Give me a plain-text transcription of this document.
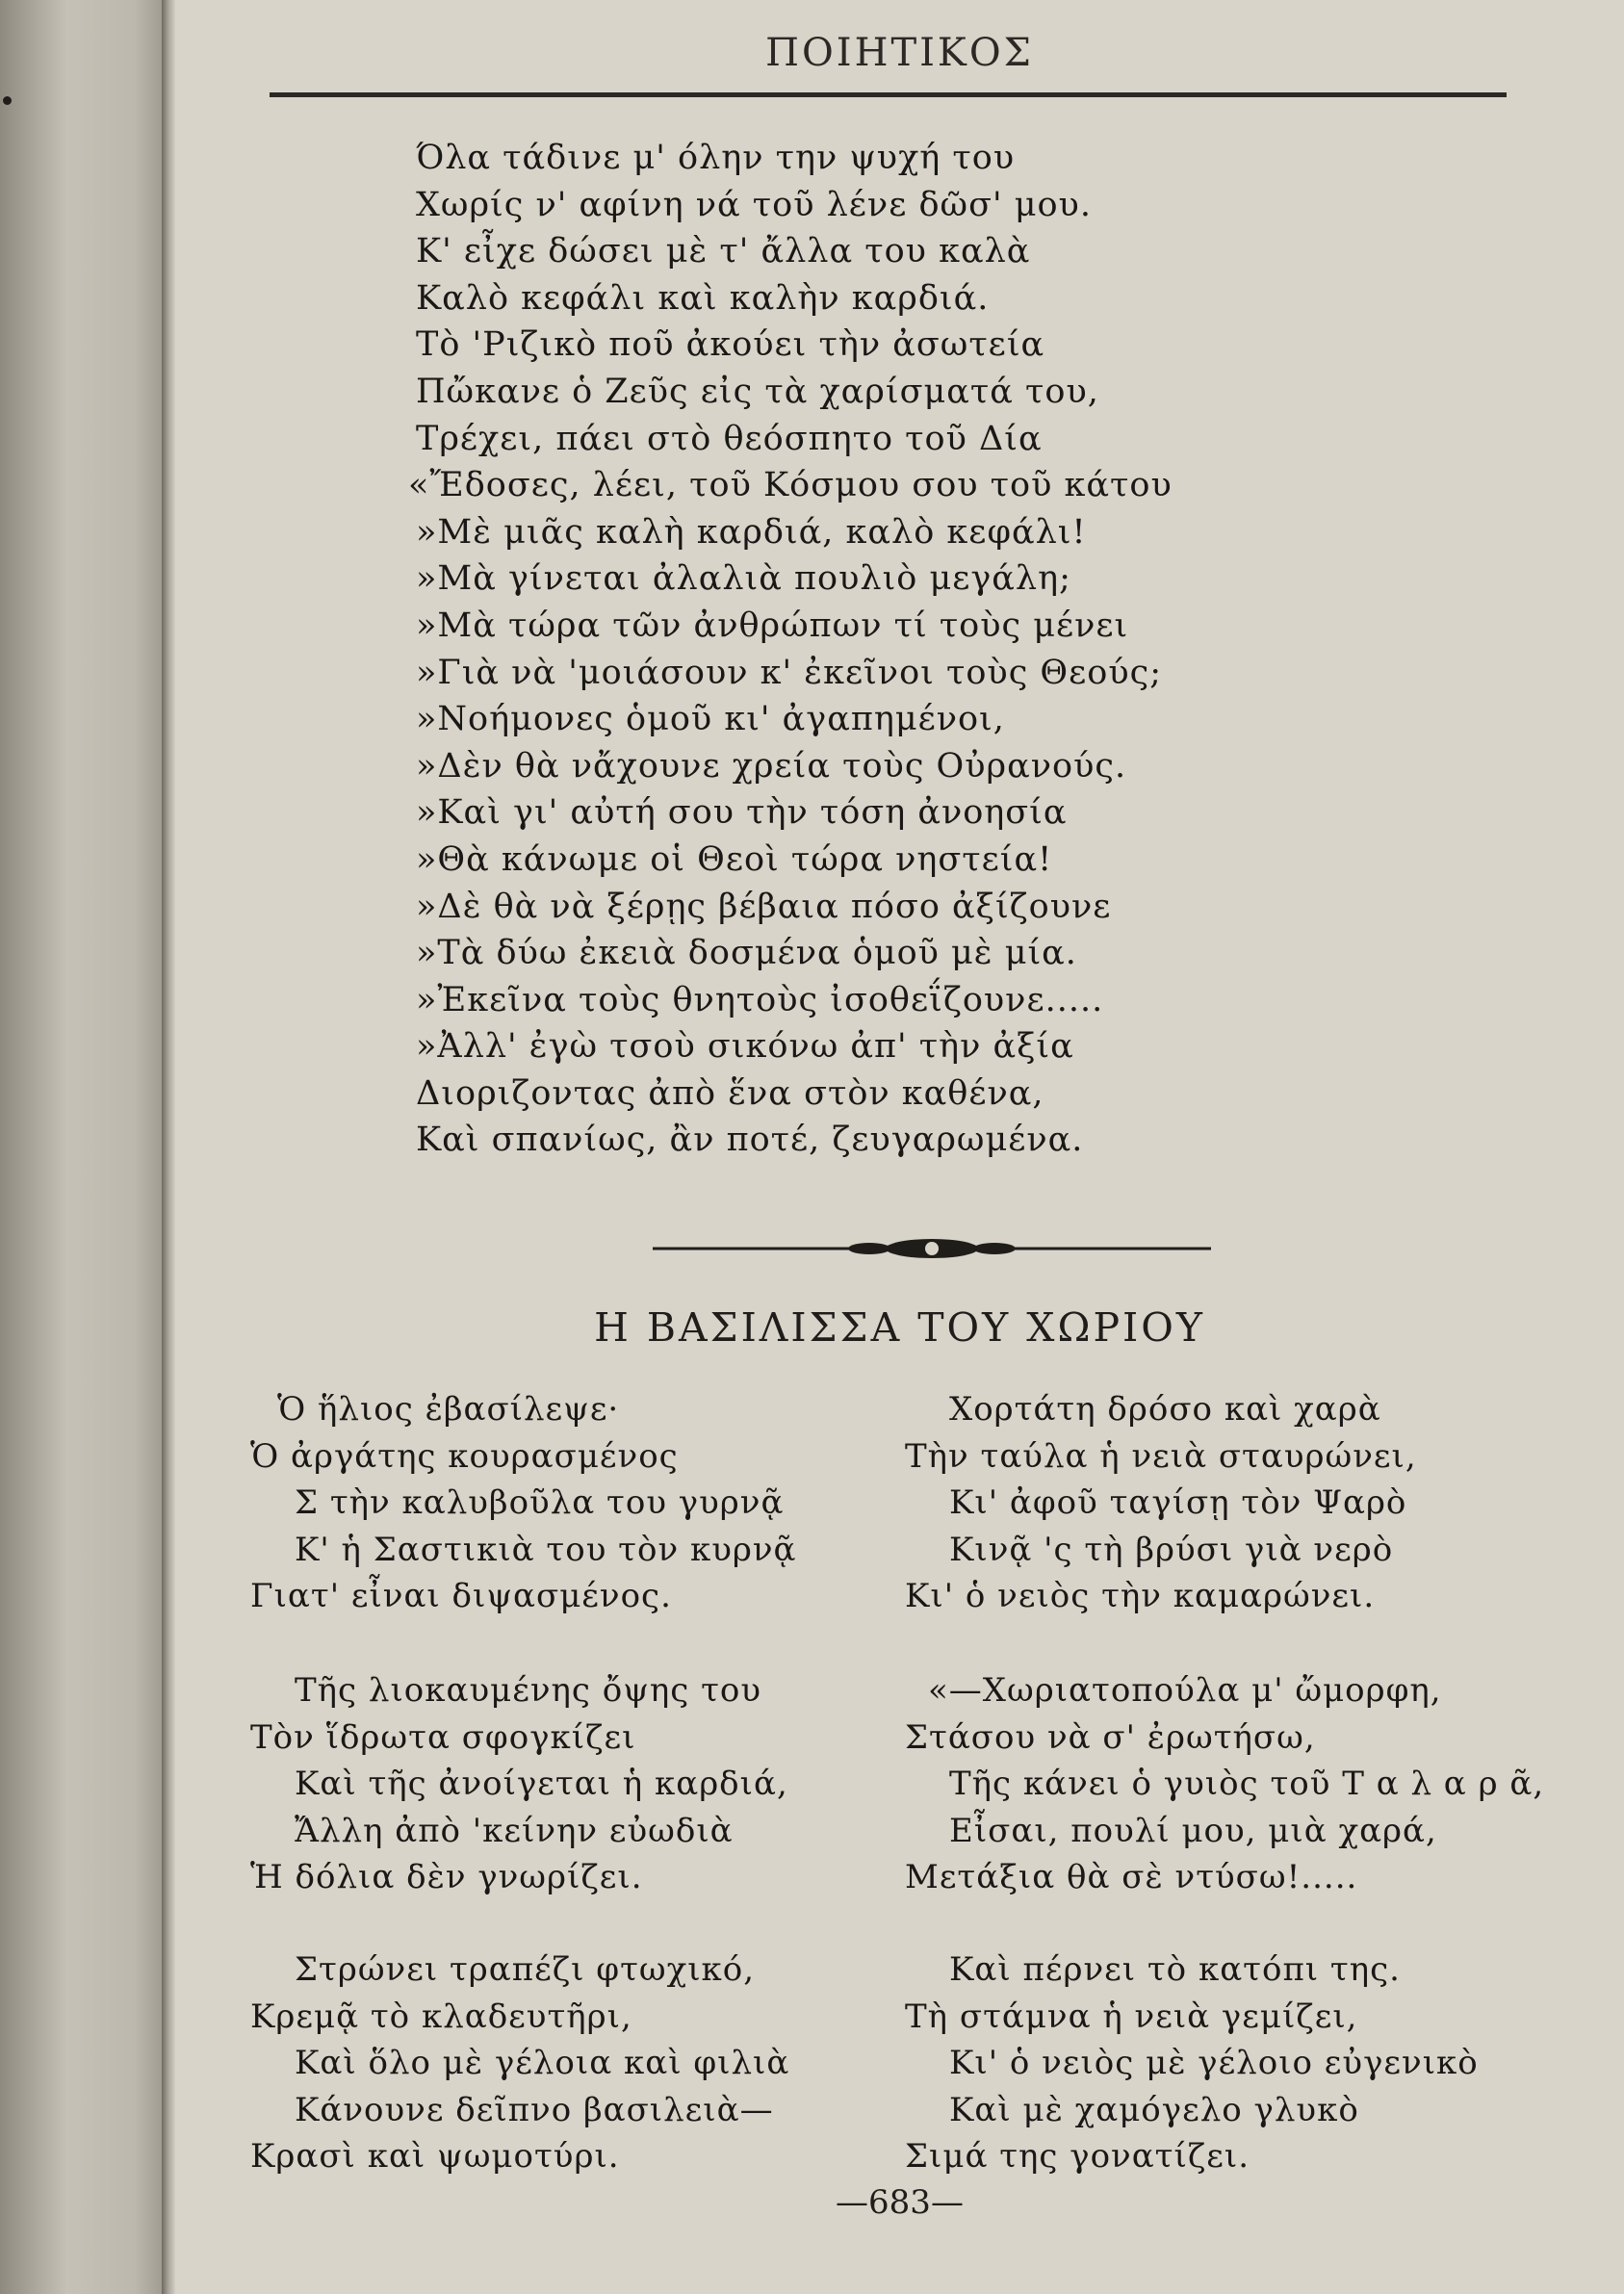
ΠΟΙΗΤΙΚΟΣ
Όλα τάδινε μ' όλην την ψυχή του
Χωρίς ν' αφίνη νά τοῦ λένε δῶσ' μου.
Κ' εἶχε δώσει μὲ τ' ἄλλα του καλὰ
Καλὸ κεφάλι καὶ καλὴν καρδιά.
Τὸ 'Ριζικὸ ποῦ ἀκούει τὴν ἀσωτεία
Πὤκανε ὁ Ζεῦς εἰς τὰ χαρίσματά του,
Τρέχει, πάει στὸ θεόσπητο τοῦ Δία
«Ἔδοσες, λέει, τοῦ Κόσμου σου τοῦ κάτου
»Μὲ μιᾶς καλὴ καρδιά, καλὸ κεφάλι!
»Μὰ γίνεται ἀλαλιὰ πουλιὸ μεγάλη;
»Μὰ τώρα τῶν ἀνθρώπων τί τοὺς μένει
»Γιὰ νὰ 'μοιάσουν κ' ἐκεῖνοι τοὺς Θεούς;
»Νοήμονες ὁμοῦ κι' ἀγαπημένοι,
»Δὲν θὰ νἄχουνε χρεία τοὺς Οὐρανούς.
»Καὶ γι' αὐτή σου τὴν τόση ἀνοησία
»Θὰ κάνωμε οἱ Θεοὶ τώρα νηστεία!
»Δὲ θὰ νὰ ξέρῃς βέβαια πόσο ἀξίζουνε
»Τὰ δύω ἐκειὰ δοσμένα ὁμοῦ μὲ μία.
»Ἐκεῖνα τοὺς θνητοὺς ἰσοθεΐζουνε.....
»Ἀλλ' ἐγὼ τσοὺ σικόνω ἀπ' τὴν ἀξία
Διοριζοντας ἀπὸ ἕνα στὸν καθένα,
Καὶ σπανίως, ἂν ποτέ, ζευγαρωμένα.
Η ΒΑΣΙΛΙΣΣΑ ΤΟΥ ΧΩΡΙΟΥ
Ὁ ἥλιος ἐβασίλεψε·
Ὁ ἀργάτης κουρασμένος
Σ τὴν καλυβοῦλα του γυρνᾷ
Κ' ἡ Σαστικιὰ του τὸν κυρνᾷ
Γιατ' εἶναι διψασμένος.
Τῆς λιοκαυμένης ὄψης του
Τὸν ἵδρωτα σφογκίζει
Καὶ τῆς ἀνοίγεται ἡ καρδιά,
Ἄλλη ἀπὸ 'κείνην εὐωδιὰ
Ἡ δόλια δὲν γνωρίζει.
Στρώνει τραπέζι φτωχικό,
Κρεμᾷ τὸ κλαδευτῆρι,
Καὶ ὅλο μὲ γέλοια καὶ φιλιὰ
Κάνουνε δεῖπνο βασιλειὰ—
Κρασὶ καὶ ψωμοτύρι.
Χορτάτη δρόσο καὶ χαρὰ
Τὴν ταύλα ἡ νειὰ σταυρώνει,
Κι' ἀφοῦ ταγίσῃ τὸν Ψαρὸ
Κινᾷ 'ς τὴ βρύσι γιὰ νερὸ
Κι' ὁ νειὸς τὴν καμαρώνει.
«—Χωριατοπούλα μ' ὤμορφη,
Στάσου νὰ σ' ἐρωτήσω,
Τῆς κάνει ὁ γυιὸς τοῦ Τ α λ α ρ ᾶ,
Εἶσαι, πουλί μου, μιὰ χαρά,
Μετάξια θὰ σὲ ντύσω!.....
Καὶ πέρνει τὸ κατόπι της.
Τὴ στάμνα ἡ νειὰ γεμίζει,
Κι' ὁ νειὸς μὲ γέλοιο εὐγενικὸ
Καὶ μὲ χαμόγελο γλυκὸ
Σιμά της γονατίζει.
—683—
